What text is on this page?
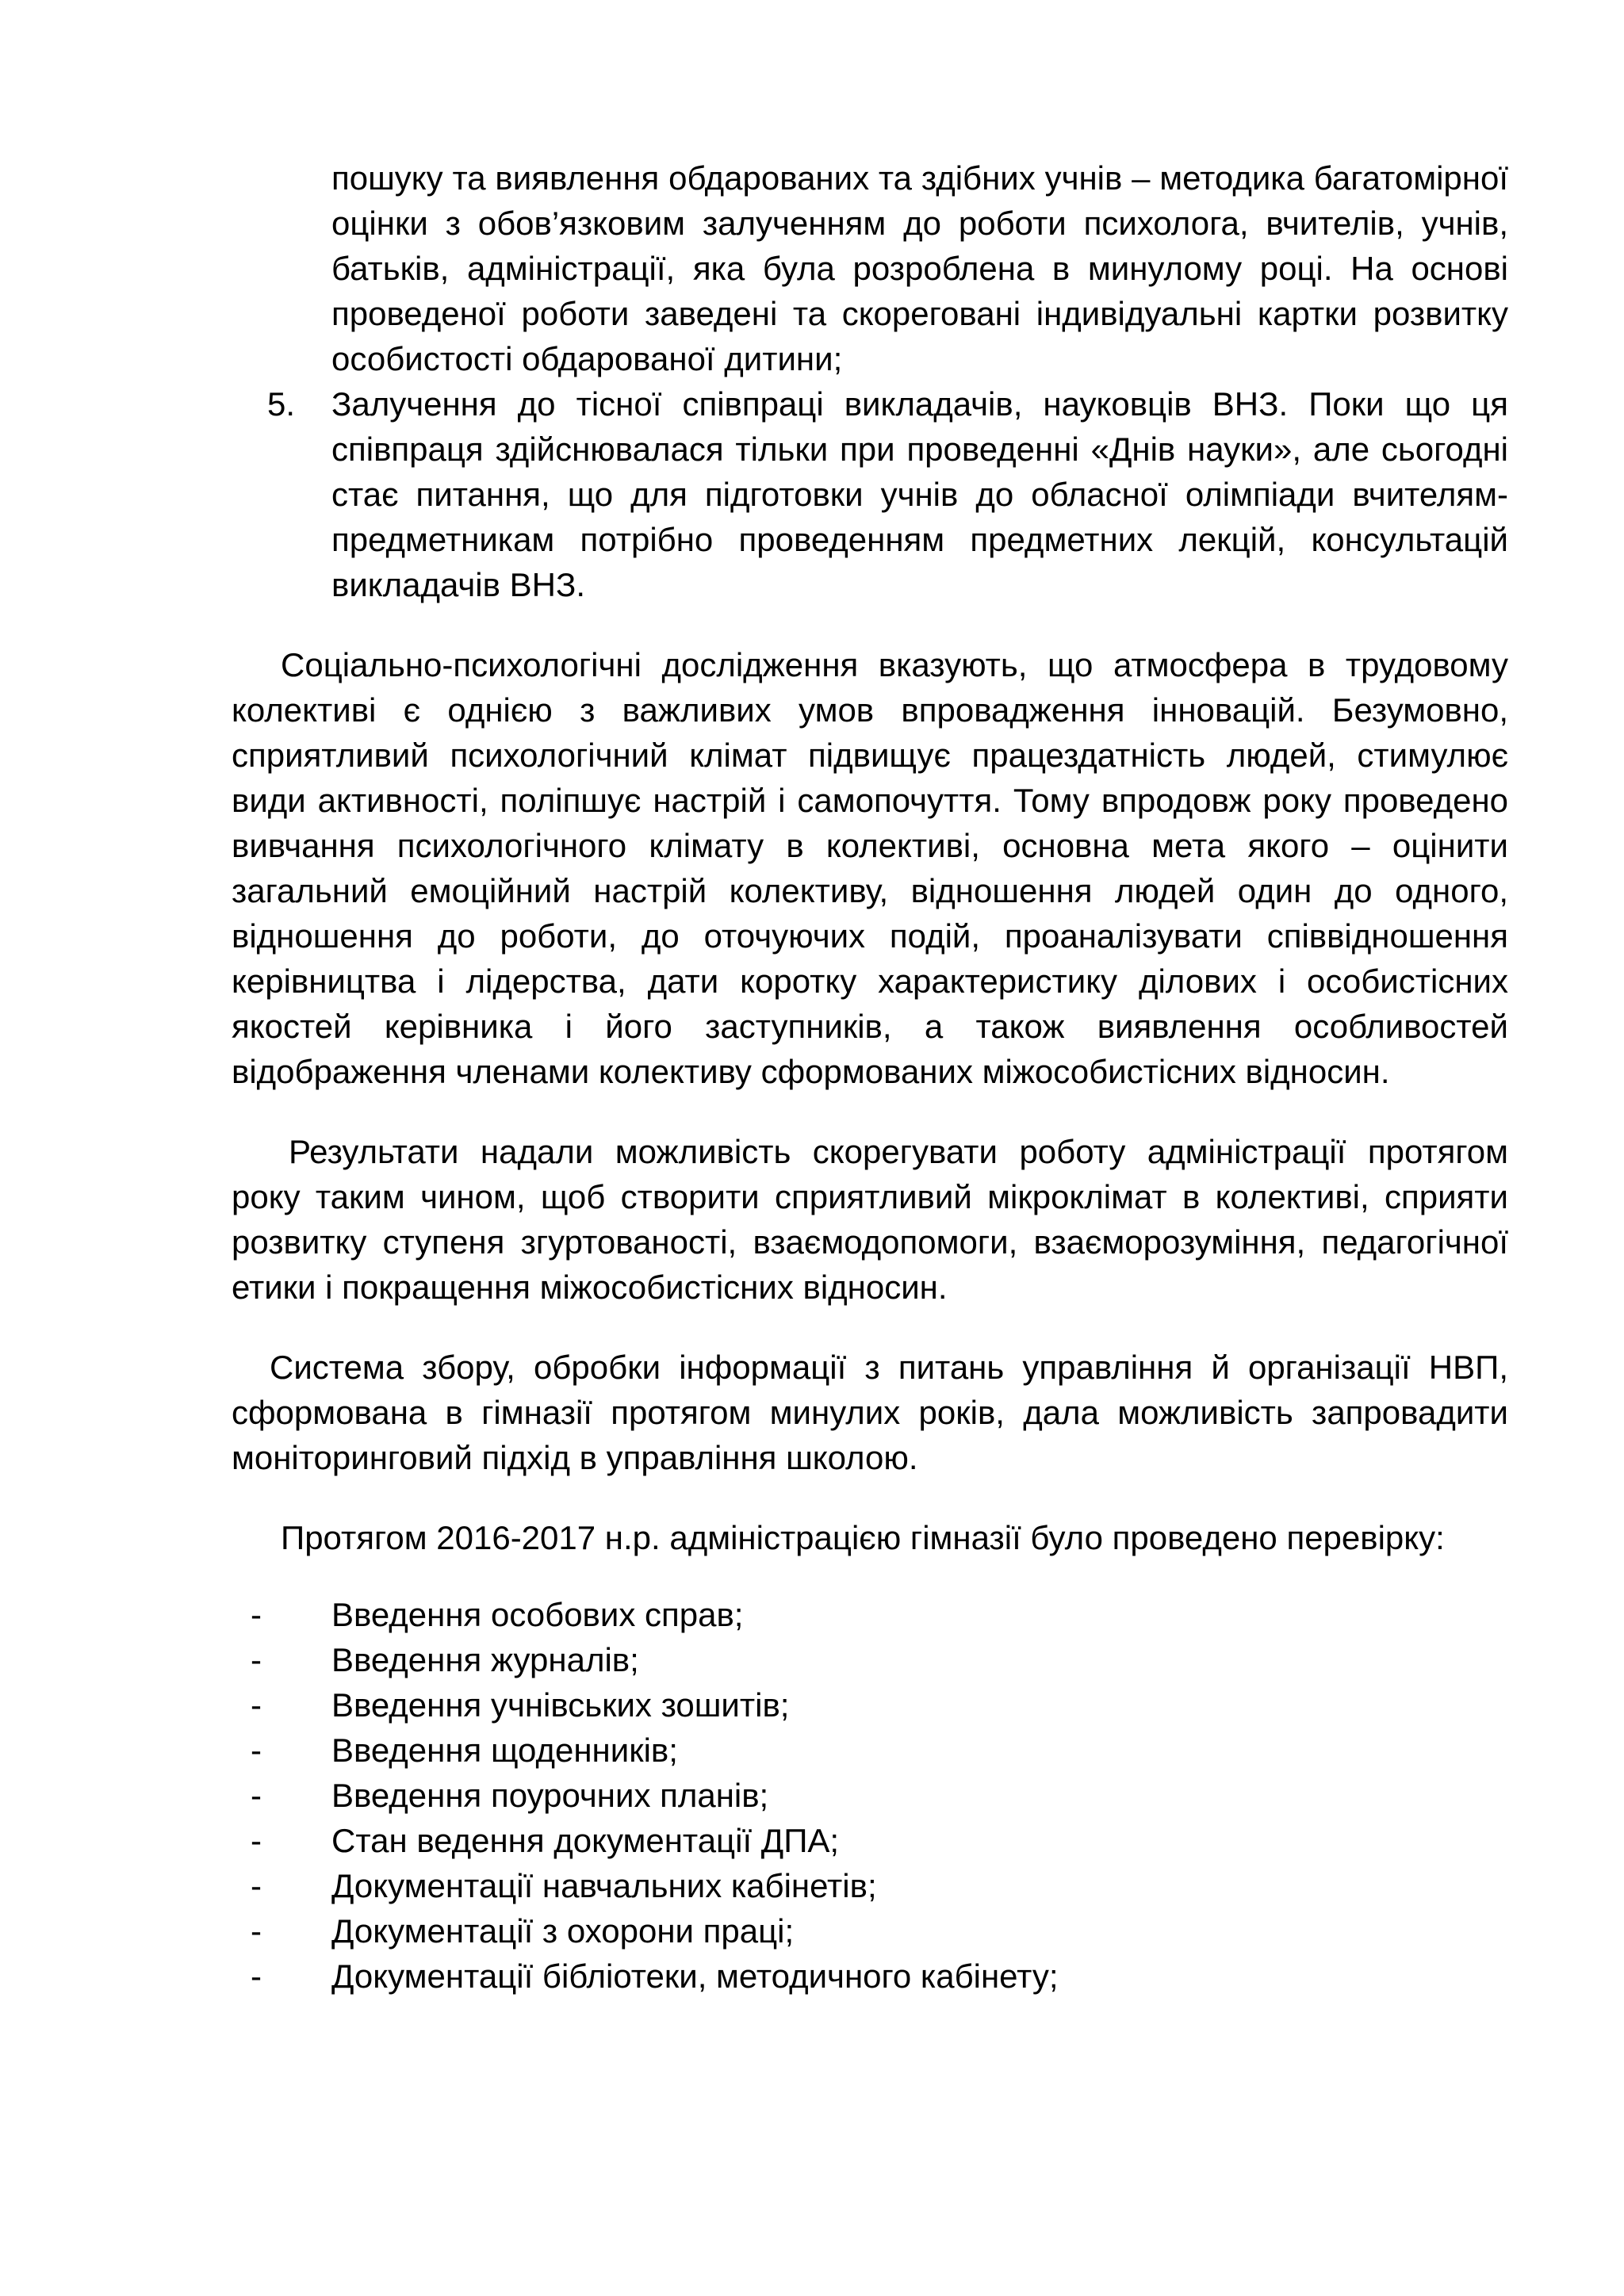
пошуку та виявлення обдарованих та здібних учнів – методика багатомірної оцінки з обов’язковим залученням до роботи психолога, вчителів, учнів, батьків, адміністрації, яка була розроблена в минулому році. На основі проведеної роботи заведені та скореговані індивідуальні картки розвитку особистості обдарованої дитини;

5. Залучення до тісної співпраці викладачів, науковців ВНЗ. Поки що ця співпраця здійснювалася тільки при проведенні «Днів науки», але сьогодні стає питання, що для підготовки учнів до обласної олімпіади вчителям-предметникам потрібно проведенням предметних лекцій, консультацій викладачів ВНЗ.

Соціально-психологічні дослідження вказують, що атмосфера в трудовому колективі є однією з важливих умов впровадження інновацій. Безумовно, сприятливий психологічний клімат підвищує працездатність людей, стимулює види активності, поліпшує настрій і самопочуття. Тому впродовж року проведено вивчання психологічного клімату в колективі, основна мета якого – оцінити загальний емоційний настрій колективу, відношення людей один до одного, відношення до роботи, до оточуючих подій, проаналізувати співвідношення керівництва і лідерства, дати коротку характеристику ділових і особистісних якостей керівника і його заступників, а також виявлення особливостей відображення членами колективу сформованих міжособистісних відносин.

Результати надали можливість скорегувати роботу адміністрації протягом року таким чином, щоб створити сприятливий мікроклімат в колективі, сприяти розвитку ступеня згуртованості, взаємодопомоги, взаєморозуміння, педагогічної етики і покращення міжособистісних відносин.

Система збору, обробки інформації з питань управління й організації НВП, сформована в гімназії протягом минулих років, дала можливість запровадити моніторинговий підхід в управління школою.

Протягом 2016-2017 н.р. адміністрацією гімназії було проведено перевірку:

- Введення особових справ;
- Введення журналів;
- Введення учнівських зошитів;
- Введення щоденників;
- Введення поурочних планів;
- Стан ведення документації ДПА;
- Документації навчальних кабінетів;
- Документації з охорони праці;
- Документації бібліотеки, методичного кабінету;
